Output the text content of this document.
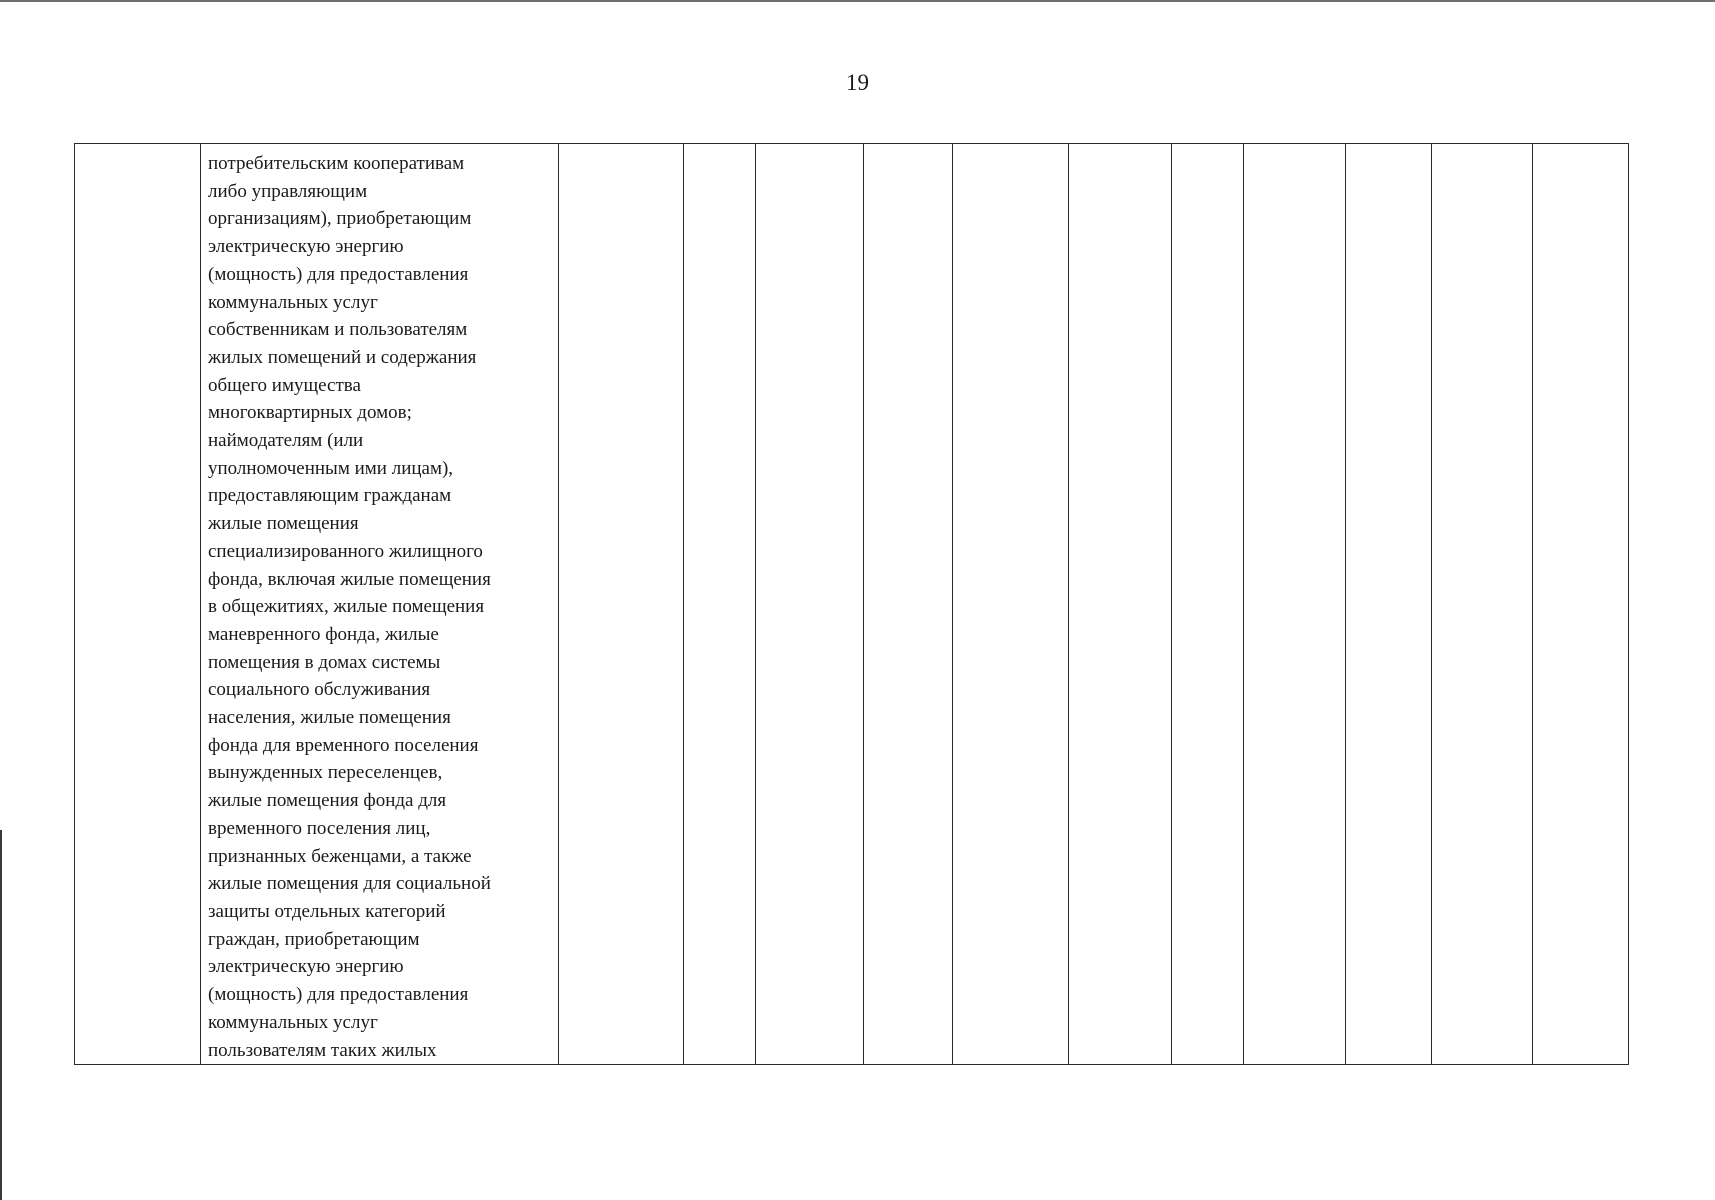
19

потребительским кооперативам
либо управляющим
организациям), приобретающим
электрическую энергию
(мощность) для предоставления
коммунальных услуг
собственникам и пользователям
жилых помещений и содержания
общего имущества
многоквартирных домов;
наймодателям (или
уполномоченным ими лицам),
предоставляющим гражданам
жилые помещения
специализированного жилищного
фонда, включая жилые помещения
в общежитиях, жилые помещения
маневренного фонда, жилые
помещения в домах системы
социального обслуживания
населения, жилые помещения
фонда для временного поселения
вынужденных переселенцев,
жилые помещения фонда для
временного поселения лиц,
признанных беженцами, а также
жилые помещения для социальной
защиты отдельных категорий
граждан, приобретающим
электрическую энергию
(мощность) для предоставления
коммунальных услуг
пользователям таких жилых
